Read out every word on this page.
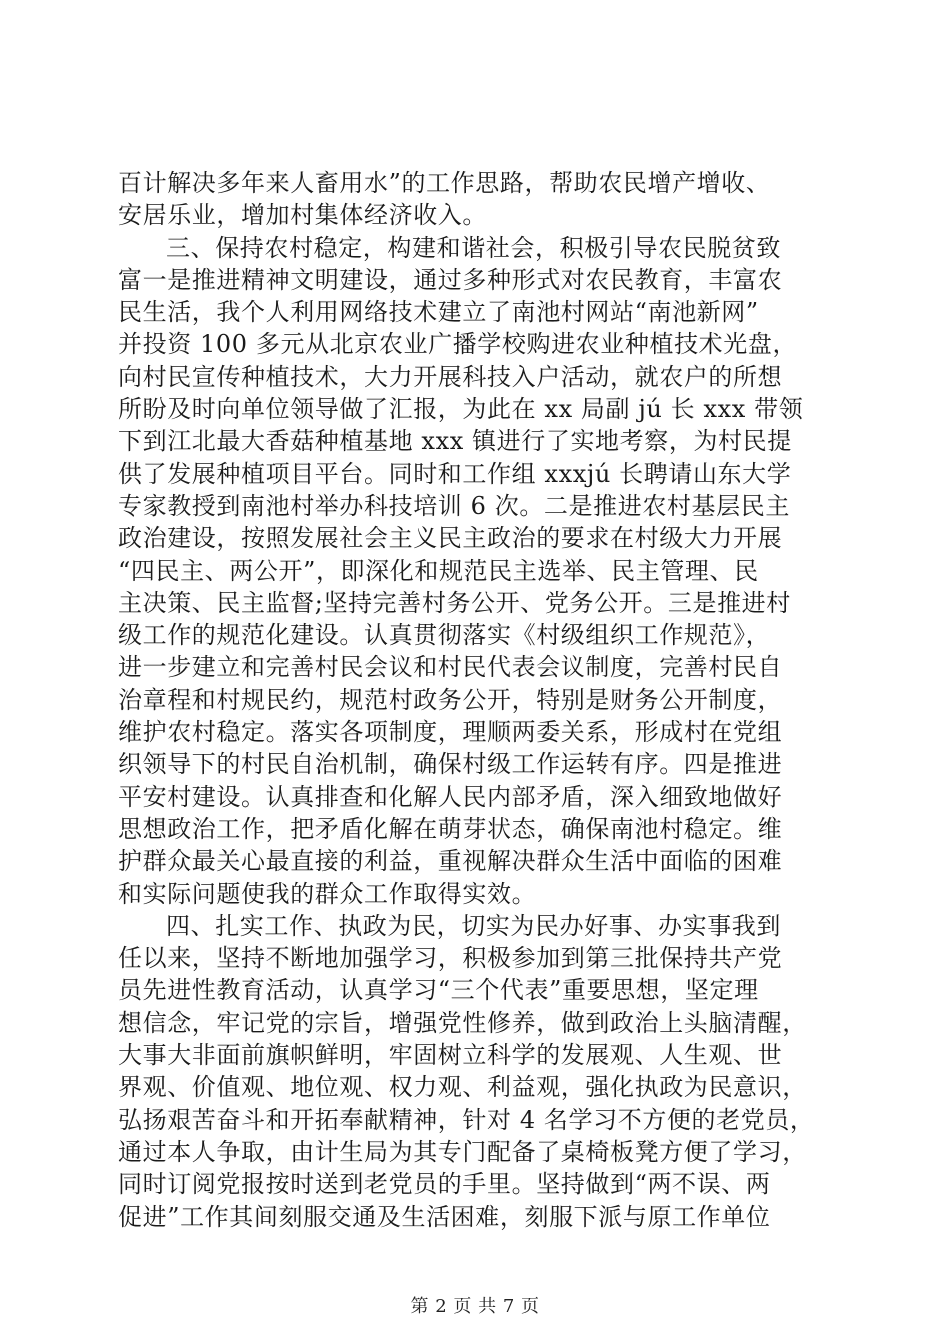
百计解决多年来人畜用水”的工作思路，帮助农民增产增收、
安居乐业，增加村集体经济收入。
三、保持农村稳定，构建和谐社会，积极引导农民脱贫致
富一是推进精神文明建设，通过多种形式对农民教育，丰富农
民生活，我个人利用网络技术建立了南池村网站“南池新网”
并投资 100 多元从北京农业广播学校购进农业种植技术光盘，
向村民宣传种植技术，大力开展科技入户活动，就农户的所想
所盼及时向单位领导做了汇报，为此在 xx 局副 jú 长 xxx 带领
下到江北最大香菇种植基地 xxx 镇进行了实地考察，为村民提
供了发展种植项目平台。同时和工作组 xxxjú 长聘请山东大学
专家教授到南池村举办科技培训 6 次。二是推进农村基层民主
政治建设，按照发展社会主义民主政治的要求在村级大力开展
“四民主、两公开”，即深化和规范民主选举、民主管理、民
主决策、民主监督;坚持完善村务公开、党务公开。三是推进村
级工作的规范化建设。认真贯彻落实《村级组织工作规范》，
进一步建立和完善村民会议和村民代表会议制度，完善村民自
治章程和村规民约，规范村政务公开，特别是财务公开制度，
维护农村稳定。落实各项制度，理顺两委关系，形成村在党组
织领导下的村民自治机制，确保村级工作运转有序。四是推进
平安村建设。认真排查和化解人民内部矛盾，深入细致地做好
思想政治工作，把矛盾化解在萌芽状态，确保南池村稳定。维
护群众最关心最直接的利益，重视解决群众生活中面临的困难
和实际问题使我的群众工作取得实效。
四、扎实工作、执政为民，切实为民办好事、办实事我到
任以来，坚持不断地加强学习，积极参加到第三批保持共产党
员先进性教育活动，认真学习“三个代表”重要思想，坚定理
想信念，牢记党的宗旨，增强党性修养，做到政治上头脑清醒，
大事大非面前旗帜鲜明，牢固树立科学的发展观、人生观、世
界观、价值观、地位观、权力观、利益观，强化执政为民意识，
弘扬艰苦奋斗和开拓奉献精神，针对 4 名学习不方便的老党员，
通过本人争取，由计生局为其专门配备了桌椅板凳方便了学习，
同时订阅党报按时送到老党员的手里。坚持做到“两不误、两
促进”工作其间刻服交通及生活困难，刻服下派与原工作单位
第 2 页 共 7 页
